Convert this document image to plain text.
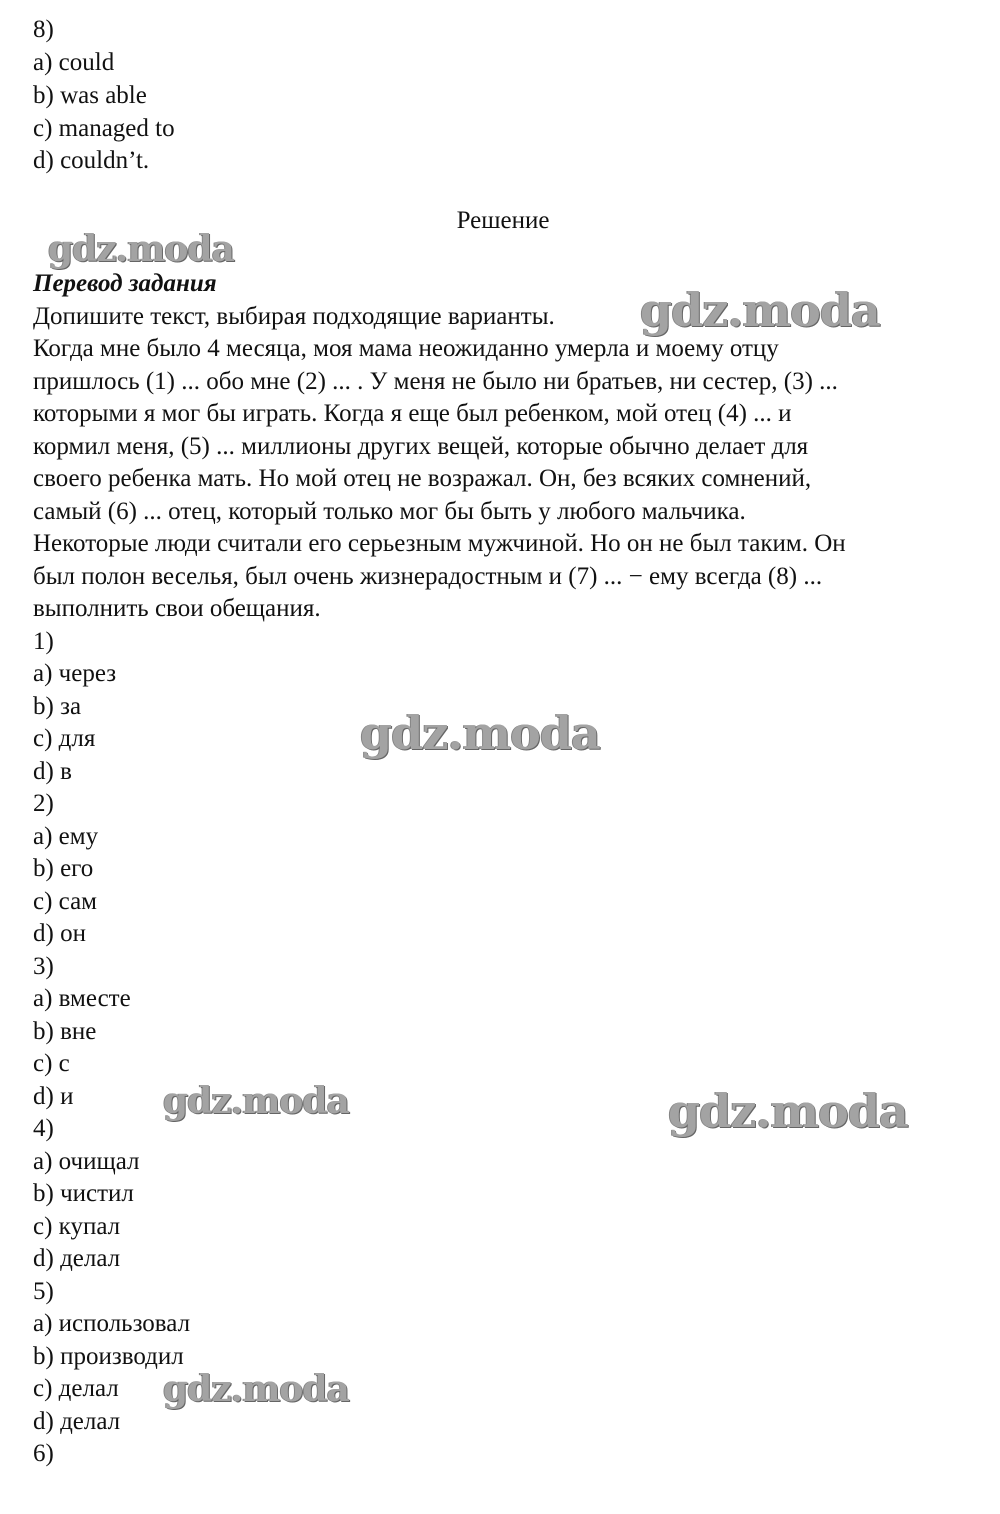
8)
a) could
b) was able
c) managed to
d) couldn’t.
Решение
Перевод задания
Допишите текст, выбирая подходящие варианты.
Когда мне было 4 месяца, моя мама неожиданно умерла и моему отцу
пришлось (1) ... обо мне (2) ... . У меня не было ни братьев, ни сестер, (3) ...
которыми я мог бы играть. Когда я еще был ребенком, мой отец (4) ... и
кормил меня, (5) ... миллионы других вещей, которые обычно делает для
своего ребенка мать. Но мой отец не возражал. Он, без всяких сомнений,
самый (6) ... отец, который только мог бы быть у любого мальчика.
Некоторые люди считали его серьезным мужчиной. Но он не был таким. Он
был полон веселья, был очень жизнерадостным и (7) ... − ему всегда (8) ...
выполнить свои обещания.
1)
a) через
b) за
c) для
d) в
2)
a) ему
b) его
c) сам
d) он
3)
a) вместе
b) вне
c) с
d) и
4)
a) очищал
b) чистил
c) купал
d) делал
5)
a) использовал
b) производил
c) делал
d) делал
6)
gdz.moda
gdz.moda
gdz.moda
gdz.moda	gdz.moda
gdz.moda
